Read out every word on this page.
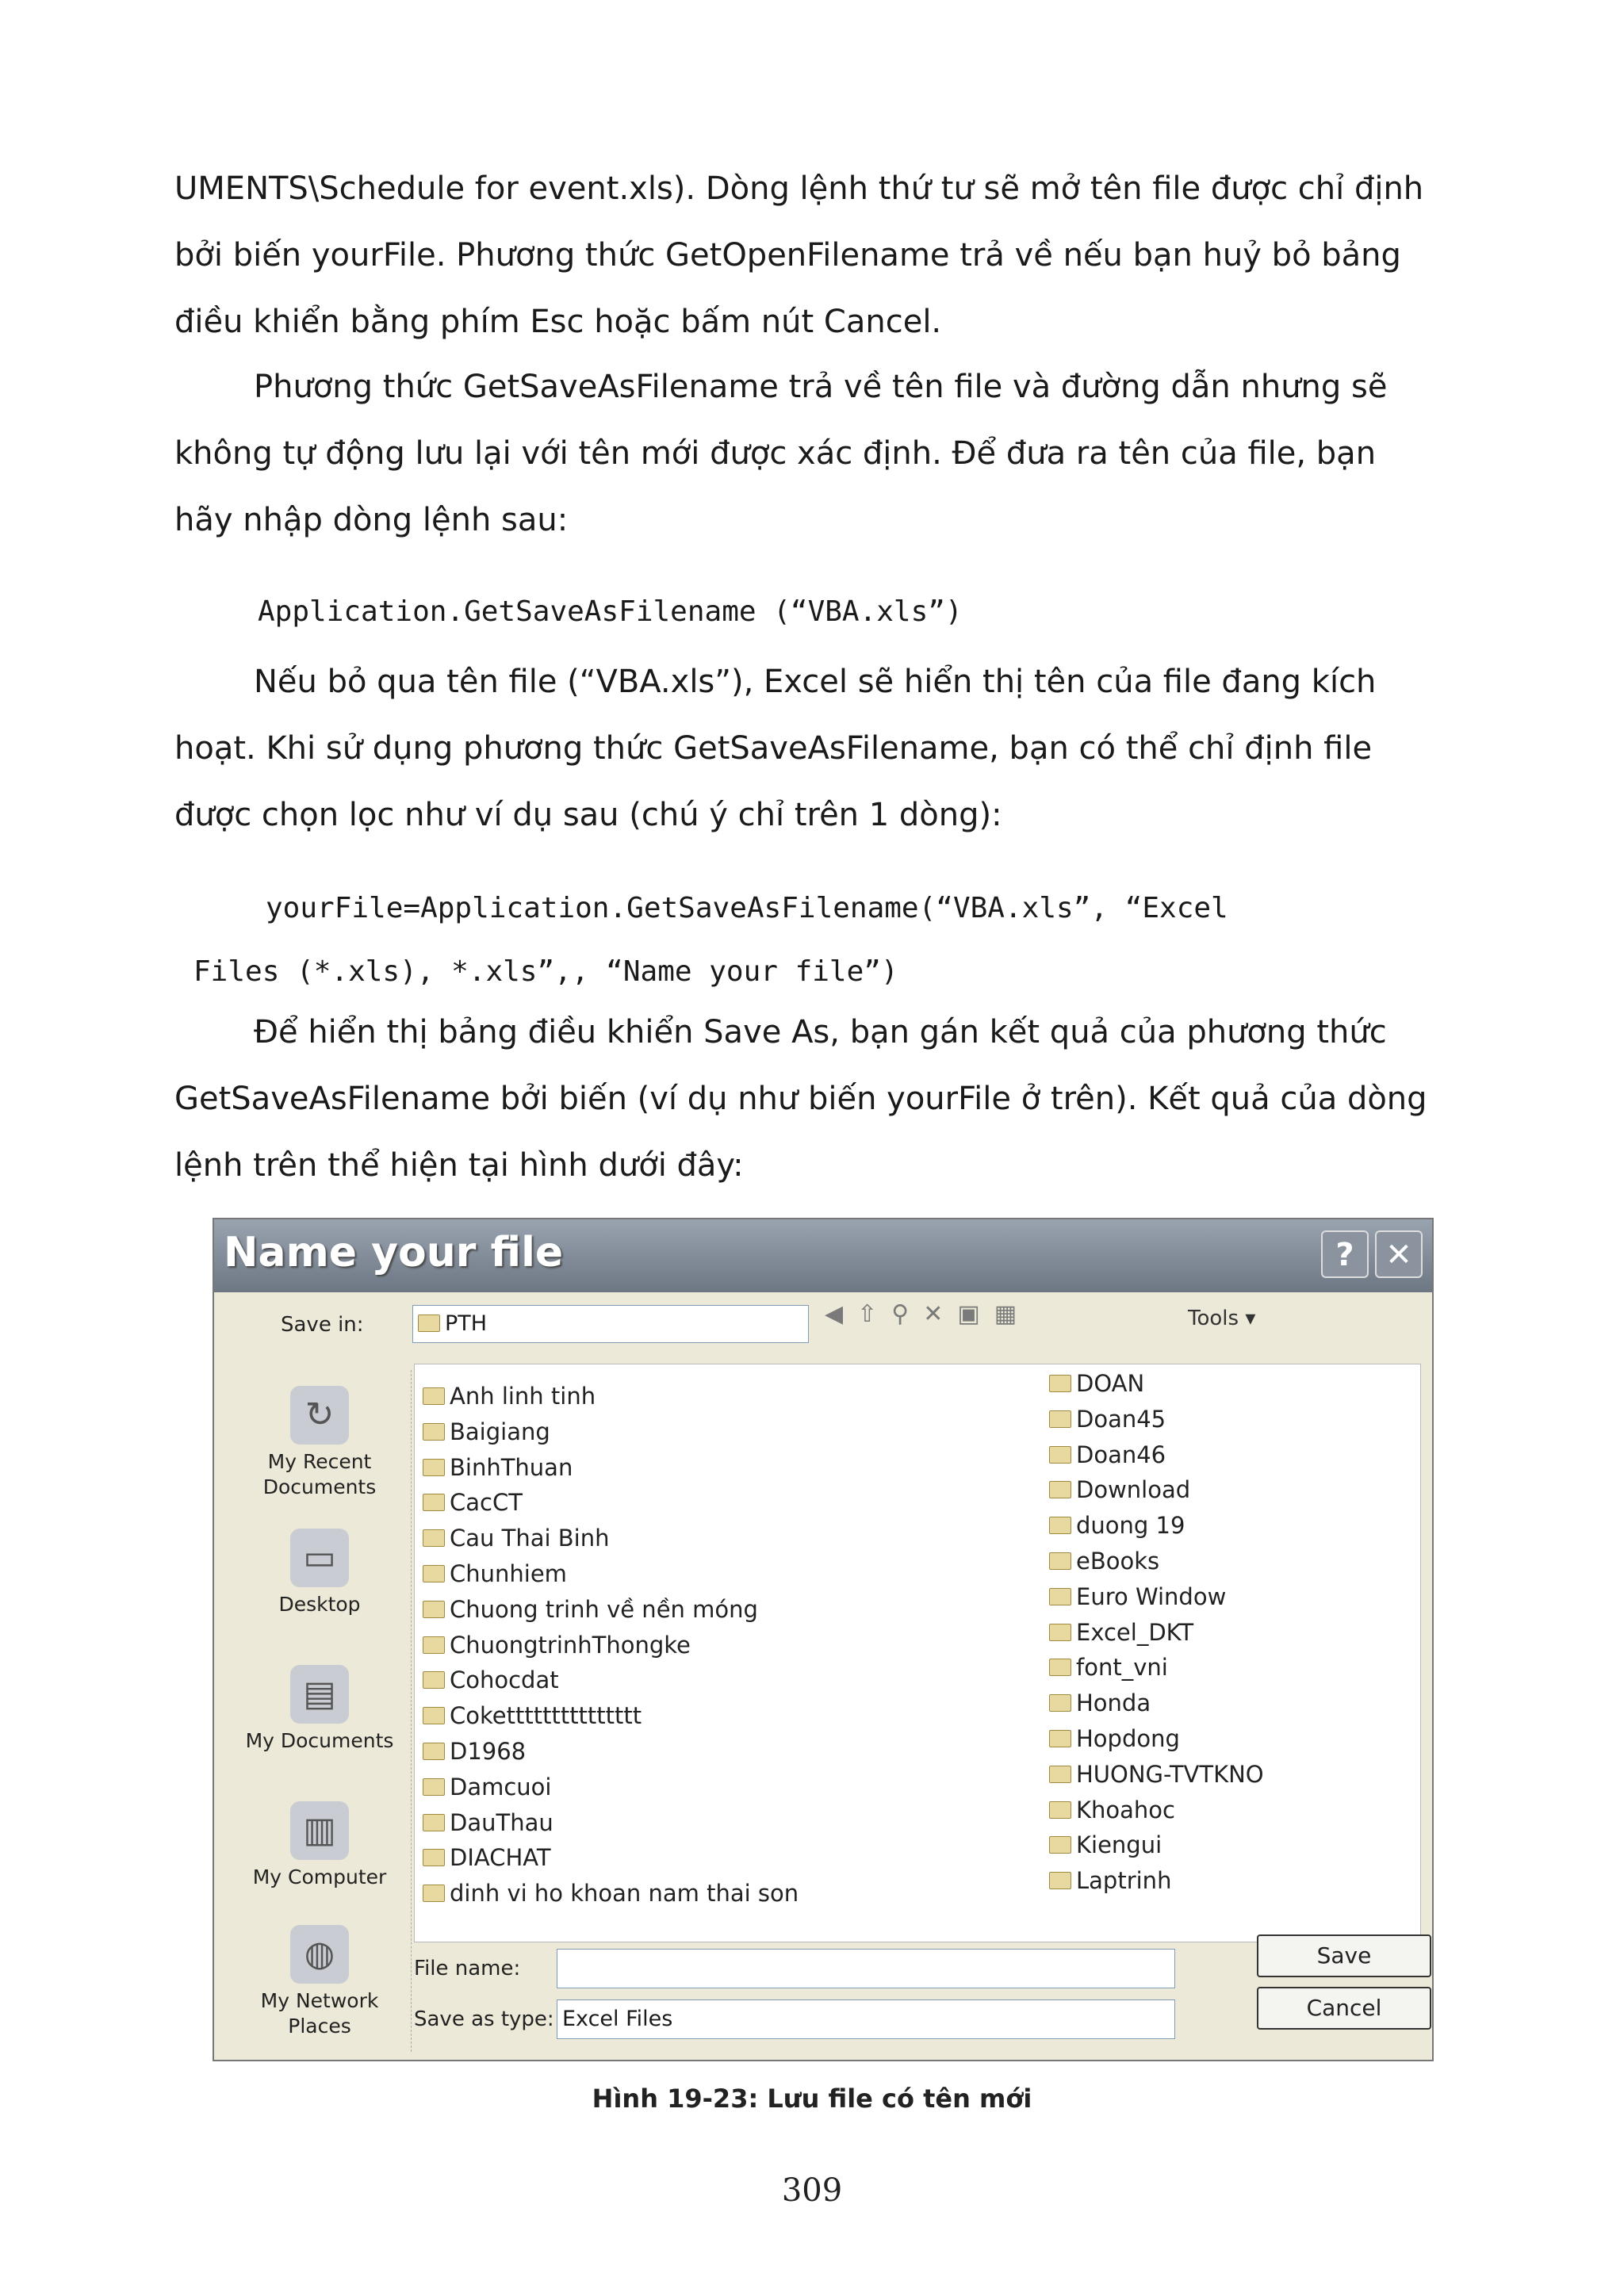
UMENTS\Schedule for event.xls). Dòng lệnh thứ tư sẽ mở tên file được chỉ định bởi biến yourFile. Phương thức GetOpenFilename trả về nếu bạn huỷ bỏ bảng điều khiển bằng phím Esc hoặc bấm nút Cancel.

Phương thức GetSaveAsFilename trả về tên file và đường dẫn nhưng sẽ không tự động lưu lại với tên mới được xác định. Để đưa ra tên của file, bạn hãy nhập dòng lệnh sau:

Application.GetSaveAsFilename (“VBA.xls”)

Nếu bỏ qua tên file (“VBA.xls”), Excel sẽ hiển thị tên của file đang kích hoạt. Khi sử dụng phương thức GetSaveAsFilename, bạn có thể chỉ định file được chọn lọc như ví dụ sau (chú ý chỉ trên 1 dòng):

yourFile=Application.GetSaveAsFilename(“VBA.xls”, “Excel

Files (*.xls), *.xls”,, “Name your file”)

Để hiển thị bảng điều khiển Save As, bạn gán kết quả của phương thức GetSaveAsFilename bởi biến (ví dụ như biến yourFile ở trên). Kết quả của dòng lệnh trên thể hiện tại hình dưới đây:

Name your file	? ✕
Save in:	PTH	◀⇧⚲✕▣▦	Tools ▾
↻
My Recent Documents
▭
Desktop
▤
My Documents
▥
My Computer
◍
My Network Places
Anh linh tinh
Baigiang
BinhThuan
CacCT
Cau Thai Binh
Chunhiem
Chuong trinh về nền móng
ChuongtrinhThongke
Cohocdat
Cokettttttttttttttt
D1968
Damcuoi
DauThau
DIACHAT
dinh vi ho khoan nam thai son
DOAN
Doan45
Doan46
Download
duong 19
eBooks
Euro Window
Excel_DKT
font_vni
Honda
Hopdong
HUONG-TVTKNO
Khoahoc
Kiengui
Laptrinh
File name:
Save as type: Excel Files
Save
Cancel
Hình 19-23: Lưu file có tên mới
309
